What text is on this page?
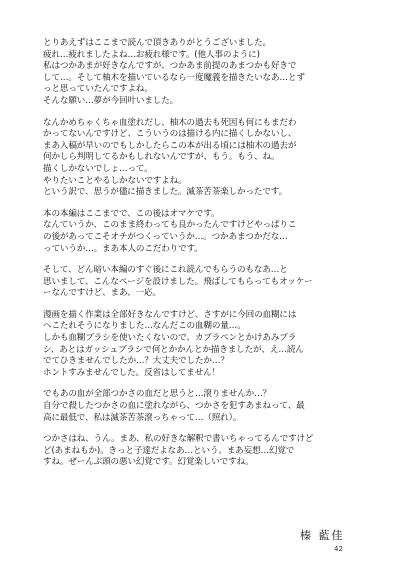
とりあえずはここまで読んで頂きありがとうございました。
疲れ…疲れましたよね…お疲れ様です。(他人事のように)
私はつかあまが好きなんですが、つかあま前提のあまつかも好きで
して…。そして柚木を描いているなら一度魔義を描きたいなあ…とず
っと思っていたんですよね。
そんな願い…夢が今回叶いました。

なんかめちゃくちゃ血塗れだし、柚木の過去も死因も何にもまだわ
かってないんですけど、こういうのは描ける内に描くしかないし、
まあ入稿が早いのでもしかしたらこの本が出る頃には柚木の過去が
何かしら判明してるかもしれないんですが、もう。もう、ね。
描くしかないでしょ…って。
やりたいことやるしかないですよね。
という訳で、思うが儘に描きました。滅茶苦茶楽しかったです。

本の本編はここまでで、この後はオマケです。
なんていうか、このまま終わっても良かったんですけどやっぱりこ
の後があってこそオチがつくっていうか…。つかあまつかだな…
っていうか…。まあ本人のこだわりです。

そして、どん暗い本編のすぐ後にこれ読んでもらうのもなあ…と
思いまして、こんなページを設けました。飛ばしてもらってもオッケー
ーなんですけど、まあ、一応。

漫画を描く作業は全部好きなんですけど、さすがに今回の血糊には
へこたれそうになりました…なんだこの血糊の量…。
しかも血糊ブラシを使いたくないので、カブラペンとかけあみブラ
シ、あとはガッシュブラシで何とかかんとか描きましたが、え…読ん
でてひきませんでしたか…？大丈夫でしたか…？
ホントすみませんでした。反省はしてません！

でもあの血が全部つかさの血だと思うと…滾りませんか…？
自分で殺したつかさの血に塗れながら、つかさを犯すあまねって、最
高に最低で、私は滅茶苦茶滾っちゃって…（照れ）。

つかさはね、うん。まあ、私の好きな解釈で書いちゃってるんですけど
ど(あまねもか)。きっと子達だよなあ…という、まあ妄想…幻覚で
すね。ぜーんぶ頭の悪い幻覚です。幻覚楽しいですね。

榛 藍佳
42
